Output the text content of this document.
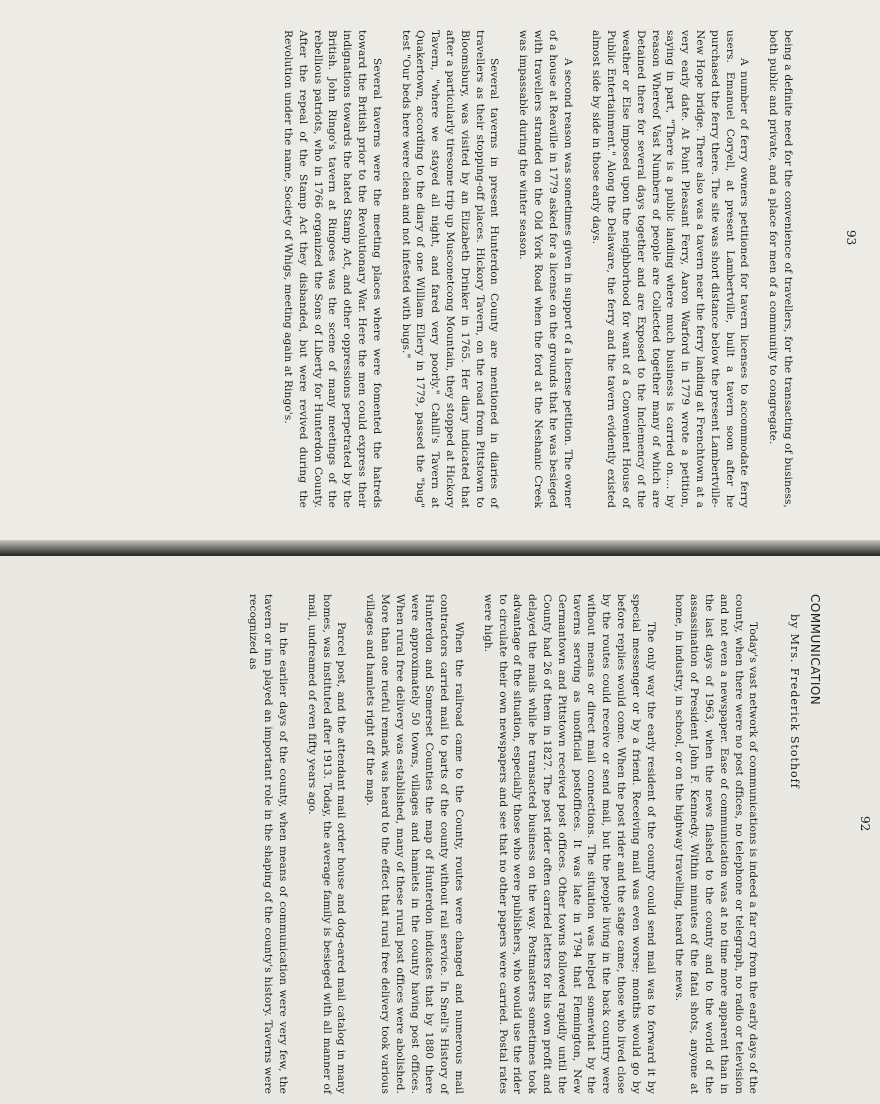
being a definite need for the convenience of travellers, for the transacting of business, both public and private, and a place for men of a community to congregate.

A number of ferry owners petitioned for tavern licenses to accommodate ferry users. Emanuel Coryell, at present Lambertville, built a tavern soon after he purchased the ferry there. The site was short distance below the present Lambertville-New Hope bridge. There also was a tavern near the ferry landing at Frenchtown at a very early date. At Point Pleasant Ferry, Aaron Warford in 1779 wrote a petition, saying in part, "There is a public landing where much business is carried on.... by reason Whereof Vast Numbers of people are Collected together many of which are Detained there for several days together and are Exposed to the Inclemency of the weather or Else imposed upon the neighborhood for want of a Convenient House of Public Entertainment." Along the Delaware, the ferry and the tavern evidently existed almost side by side in those early days.

A second reason was sometimes given in support of a license petition. The owner of a house at Reaville in 1779 asked for a license on the grounds that he was besieged with travellers stranded on the Old York Road when the ford at the Neshanic Creek was impassable during the winter season.

Several taverns in present Hunterdon County are mentioned in diaries of travellers as their stopping-off places. Hickory Tavern, on the road from Pittstown to Bloomsbury, was visited by an Elizabeth Drinker in 1765. Her diary indicated that after a particularly tiresome trip up Musconetcong Mountain, they stopped at Hickory Tavern, "where we stayed all night, and fared very poorly." Cahill's Tavern at Quakertown, according to the diary of one William Ellery in 1779, passed the "bug" test "Our beds here were clean and not infested with bugs."

Several taverns were the meeting places where were fomented the hatreds toward the British prior to the Revolutionary War. Here the men could express their indignations towards the hated Stamp Act, and other oppressions perpetrated by the British. John Ringo's tavern at Ringoes was the scene of many meetings of the rebellious patriots, who in 1766 organized the Sons of Liberty for Hunterdon County. After the repeal of the Stamp Act they disbanded, but were revived during the Revolution under the name, Society of Whigs, meeting again at Ringo's.	93
COMMUNICATION
by Mrs. Frederick Stothoff

Today's vast network of communications is indeed a far cry from the early days of the county, when there were no post offices, no telephone or telegraph, no radio or television and not even a newspaper. Ease of communication was at no time more apparent than in the last days of 1963, when the news flashed to the county and to the world of the assassination of President John F. Kennedy. Within minutes of the fatal shots, anyone at home, in industry, in school, or on the highway travelling, heard the news.

The only way the early resident of the county could send mail was to forward it by special messenger or by a friend. Receiving mail was even worse; months would go by before replies would come. When the post rider and the stage came, those who lived close by the routes could receive or send mail, but the people living in the back country were without means or direct mail connections. The situation was helped somewhat by the taverns serving as unofficial postoffices. It was late in 1794 that Flemington, New Germantown and Pittstown received post offices. Other towns followed rapidly until the County had 26 of them in 1827. The post rider often carried letters for his own profit and delayed the mails while he transacted business on the way. Postmasters sometimes took advantage of the situation, especially those who were publishers, who would use the rider to circulate their own newspapers and see that no other papers were carried. Postal rates were high.

When the railroad came to the County, routes were changed and numerous mail contractors carried mail to parts of the county without rail service. In Snell's History of Hunterdon and Somerset Counties the map of Hunterdon indicates that by 1880 there were approximately 50 towns, villages and hamlets in the county having post offices. When rural free delivery was established, many of these rural post offices were abolished. More than one rueful remark was heard to the effect that rural free delivery took various villages and hamlets right off the map.

Parcel post, and the attendant mail order house and dog-eared mail catalog in many homes, was instituted after 1913. Today, the average family is besieged with all manner of mail, undreamed of even fifty years ago.

In the earlier days of the county, when means of communication were very few, the tavern or inn played an important role in the shaping of the county's history. Taverns were recognized as

92
